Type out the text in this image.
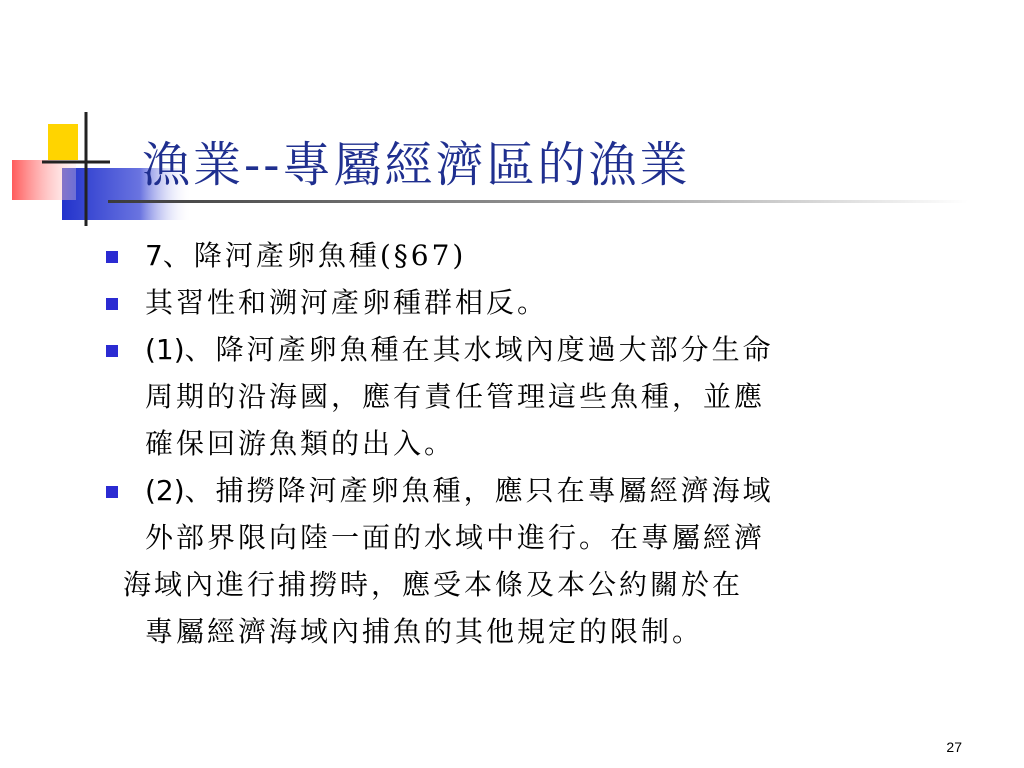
漁業--專屬經濟區的漁業
7、降河產卵魚種(§67)
其習性和溯河產卵種群相反。
(1)、降河產卵魚種在其水域內度過大部分生命
周期的沿海國，應有責任管理這些魚種，並應
確保回游魚類的出入。
(2)、捕撈降河產卵魚種，應只在專屬經濟海域
外部界限向陸一面的水域中進行。在專屬經濟
海域內進行捕撈時，應受本條及本公約關於在
專屬經濟海域內捕魚的其他規定的限制。
27
